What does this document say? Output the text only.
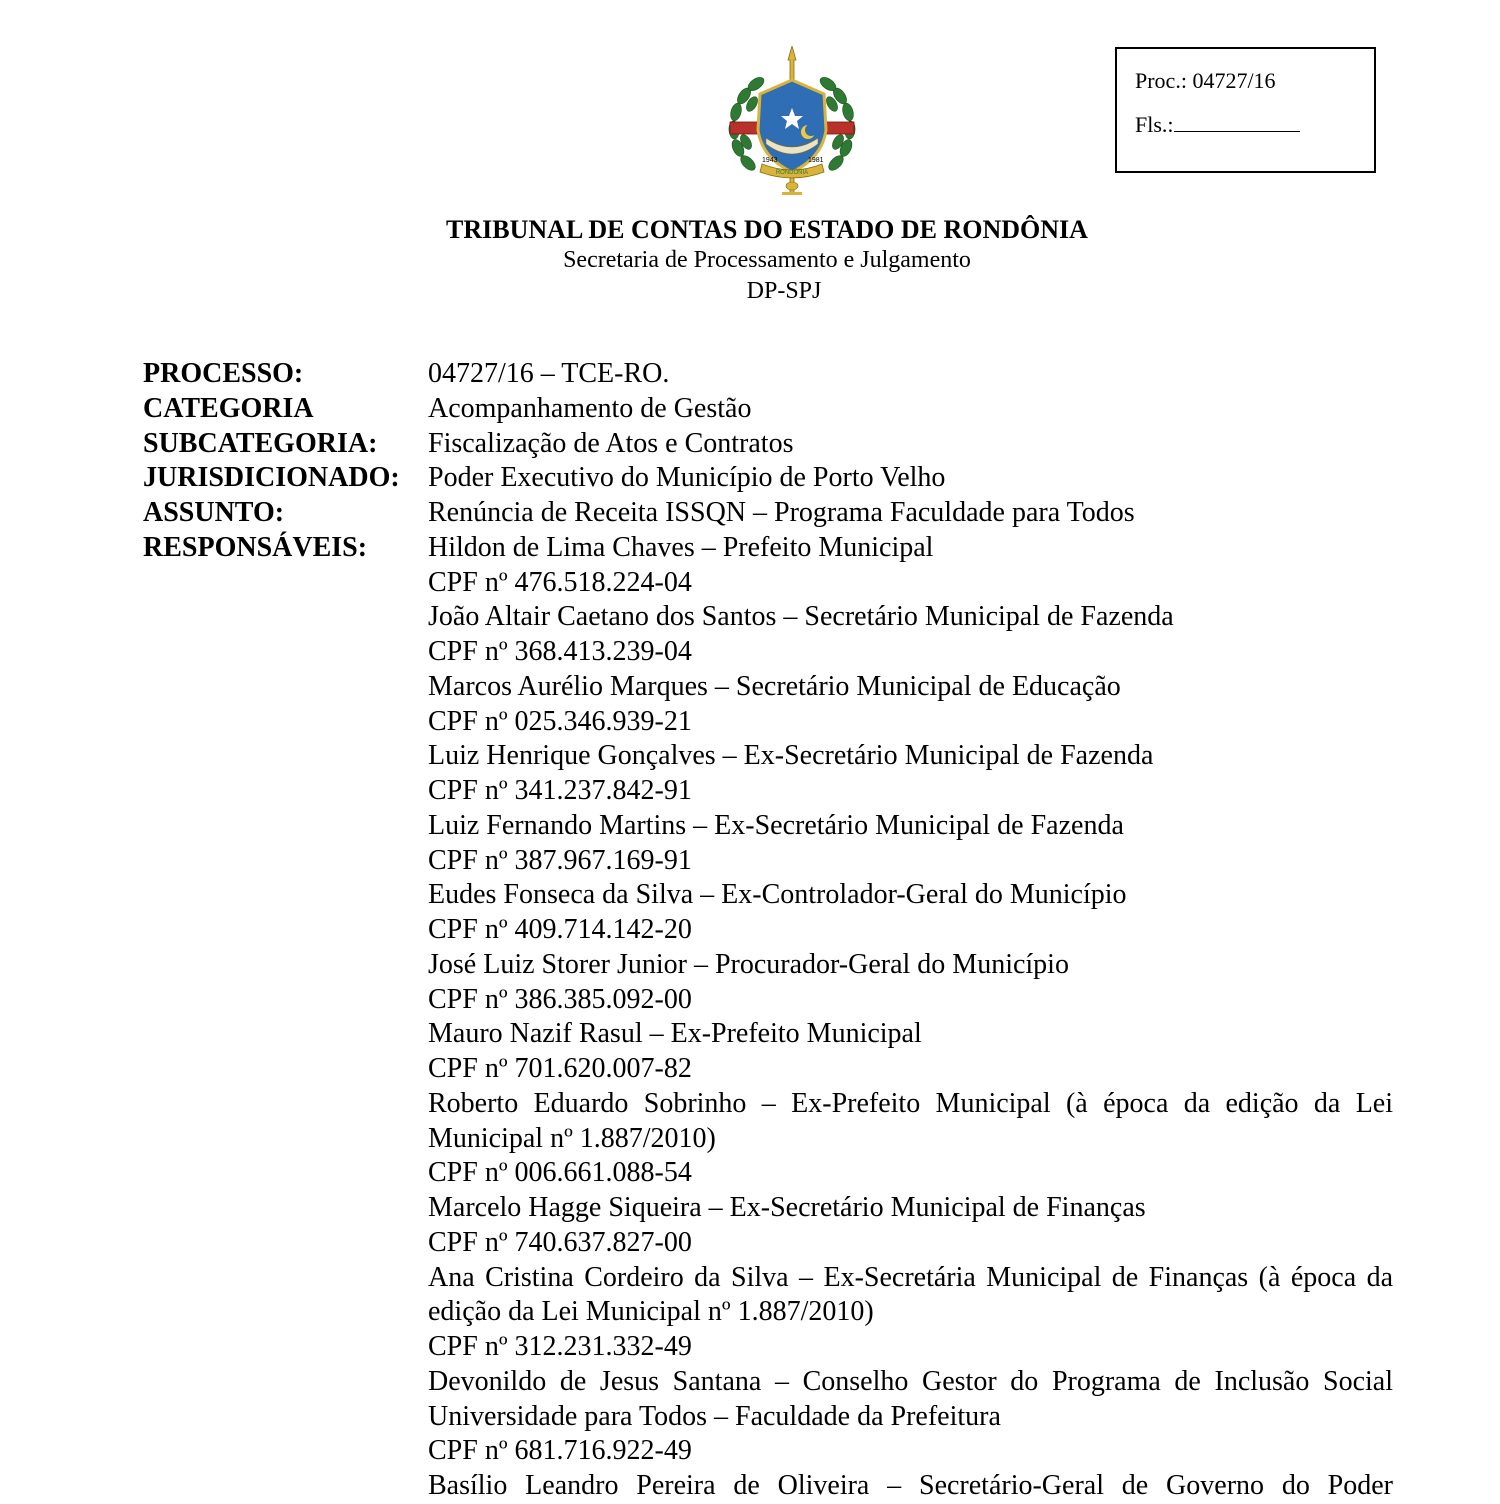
Proc.: 04727/16
Fls.:
1943	1981
RONDÔNIA
TRIBUNAL DE CONTAS DO ESTADO DE RONDÔNIA
Secretaria de Processamento e Julgamento
DP-SPJ
PROCESSO:	04727/16 – TCE-RO.
CATEGORIA	Acompanhamento de Gestão
SUBCATEGORIA:	Fiscalização de Atos e Contratos
JURISDICIONADO:	Poder Executivo do Município de Porto Velho
ASSUNTO:	Renúncia de Receita ISSQN – Programa Faculdade para Todos
RESPONSÁVEIS:	Hildon de Lima Chaves – Prefeito Municipal
CPF nº 476.518.224-04
João Altair Caetano dos Santos – Secretário Municipal de Fazenda
CPF nº 368.413.239-04
Marcos Aurélio Marques – Secretário Municipal de Educação
CPF nº 025.346.939-21
Luiz Henrique Gonçalves – Ex-Secretário Municipal de Fazenda
CPF nº 341.237.842-91
Luiz Fernando Martins – Ex-Secretário Municipal de Fazenda
CPF nº 387.967.169-91
Eudes Fonseca da Silva – Ex-Controlador-Geral do Município
CPF nº 409.714.142-20
José Luiz Storer Junior – Procurador-Geral do Município
CPF nº 386.385.092-00
Mauro Nazif Rasul – Ex-Prefeito Municipal
CPF nº 701.620.007-82
Roberto Eduardo Sobrinho – Ex-Prefeito Municipal (à época da edição da Lei Municipal nº 1.887/2010)
CPF nº 006.661.088-54
Marcelo Hagge Siqueira – Ex-Secretário Municipal de Finanças
CPF nº 740.637.827-00
Ana Cristina Cordeiro da Silva – Ex-Secretária Municipal de Finanças (à época da edição da Lei Municipal nº 1.887/2010)
CPF nº 312.231.332-49
Devonildo de Jesus Santana – Conselho Gestor do Programa de Inclusão Social Universidade para Todos – Faculdade da Prefeitura
CPF nº 681.716.922-49
Basílio Leandro Pereira de Oliveira – Secretário-Geral de Governo do Poder
